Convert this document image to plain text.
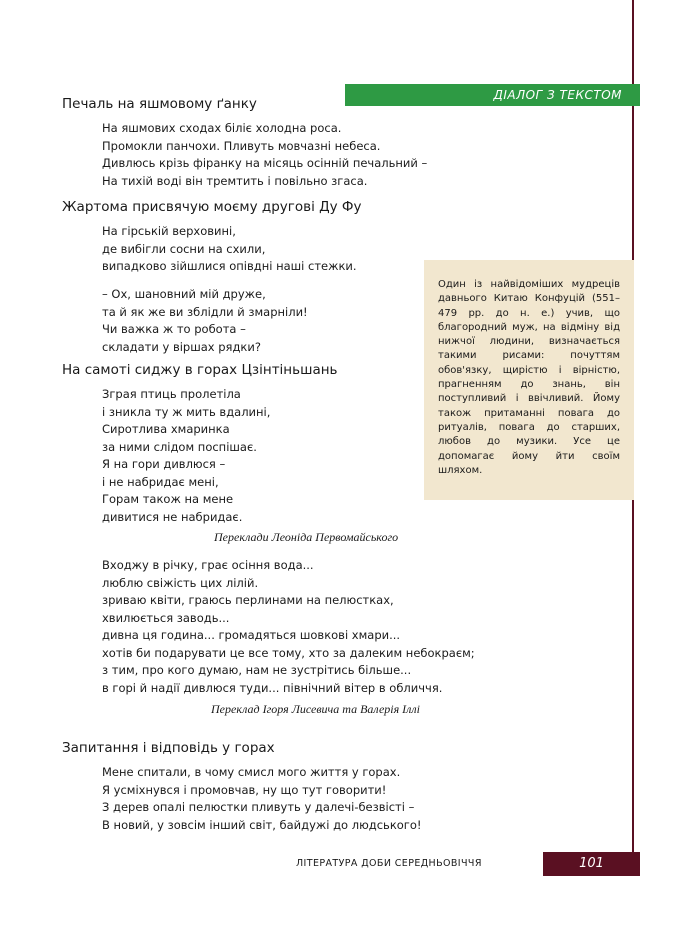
ДІАЛОГ З ТЕКСТОМ
Печаль на яшмовому ґанку
На яшмових сходах біліє холодна роса.
Промокли панчохи. Пливуть мовчазні небеса.
Дивлюсь крізь фіранку на місяць осінній печальний –
На тихій воді він тремтить і повільно згаса.
Жартома присвячую моєму другові Ду Фу
На гірській верховині,
де вибігли сосни на схили,
випадково зійшлися опівдні наші стежки.
– Ох, шановний мій друже,
та й як же ви зблідли й змарніли!
Чи важка ж то робота –
складати у віршах рядки?
На самоті сиджу в горах Цзінтіньшань
Зграя птиць пролетіла
і зникла ту ж мить вдалині,
Сиротлива хмаринка
за ними слідом поспішає.
Я на гори дивлюся –
і не набридає мені,
Горам також на мене
дивитися не набридає.
Переклади Леоніда Первомайського
Входжу в річку, грає осіння вода...
люблю свіжість цих лілій.
зриваю квіти, граюсь перлинами на пелюстках,
хвилюється заводь...
дивна ця година... громадяться шовкові хмари...
хотів би подарувати це все тому, хто за далеким небокраєм;
з тим, про кого думаю, нам не зустрітись більше...
в горі й надії дивлюся туди... північний вітер в обличчя.
Переклад Ігоря Лисевича та Валерія Іллі
Запитання і відповідь у горах
Мене спитали, в чому смисл мого життя у горах.
Я усміхнувся і промовчав, ну що тут говорити!
З дерев опалі пелюстки пливуть у далечі-безвісті –
В новий, у зовсім інший світ, байдужі до людського!
Один із найвідоміших мудреців давнього Китаю Конфуцій (551–479 рр. до н. е.) учив, що благородний муж, на відміну від нижчої людини, визначається такими рисами: почуттям обов'язку, щирістю і вірністю, прагненням до знань, він поступливий і ввічливий. Йому також притаманні повага до ритуалів, повага до старших, любов до музики. Усе це допомагає йому йти своїм шляхом.
ЛІТЕРАТУРА ДОБИ СЕРЕДНЬОВІЧЧЯ	101
